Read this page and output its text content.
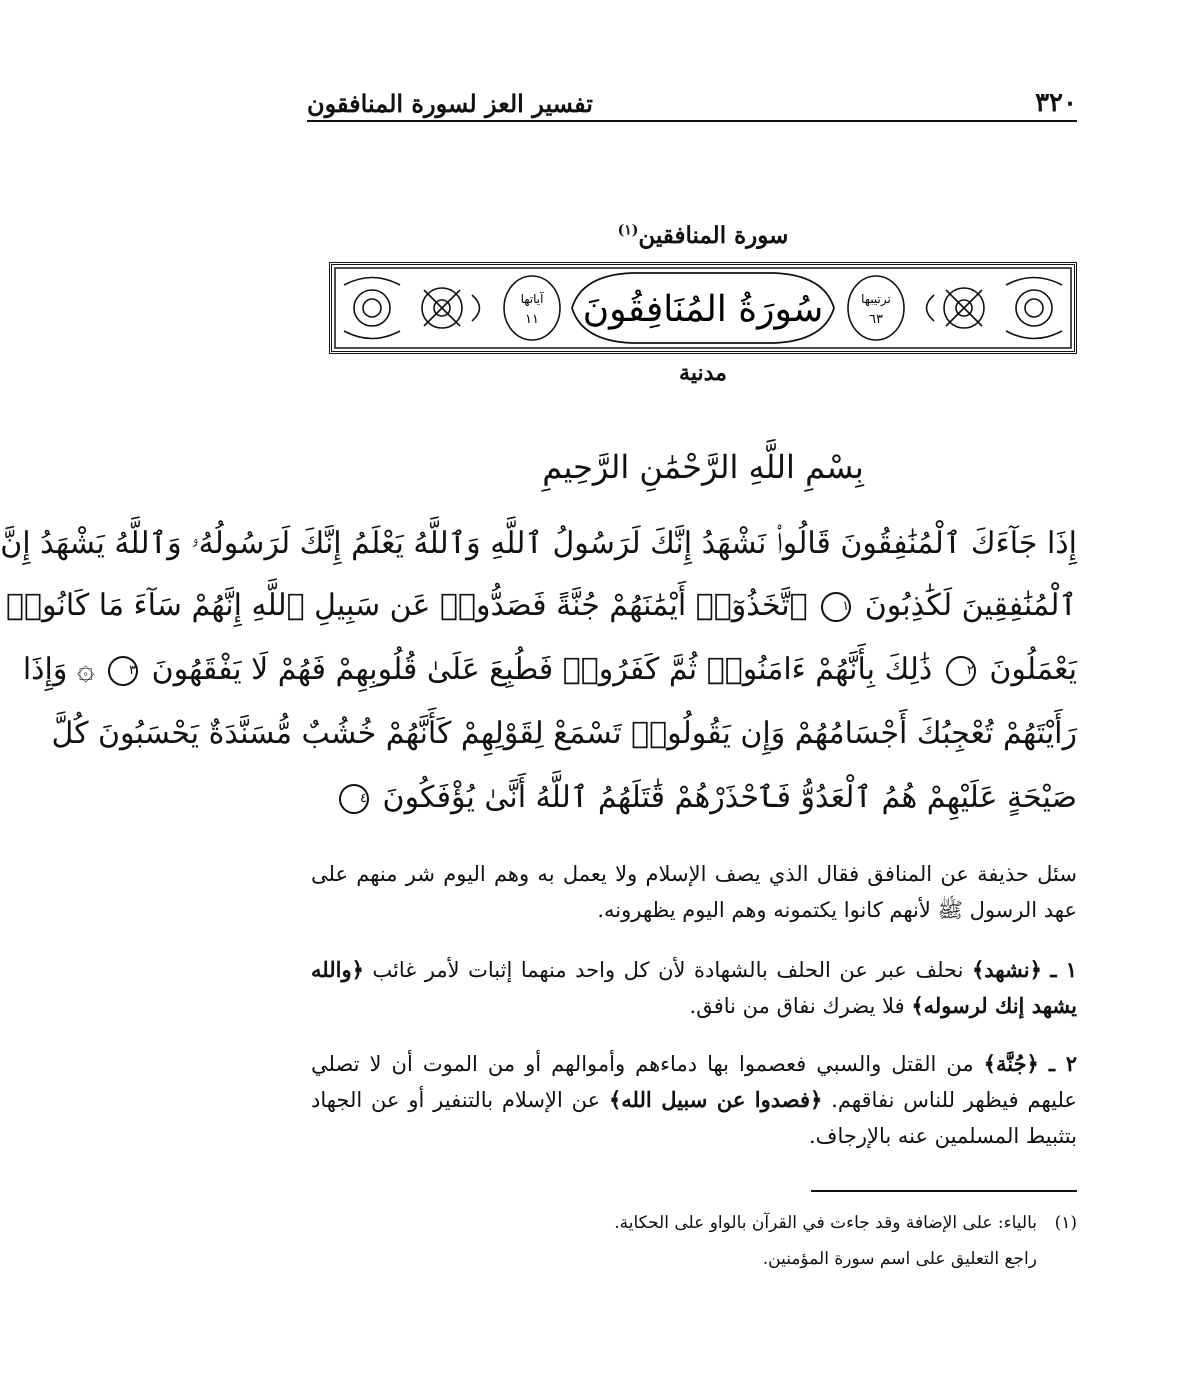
٣٢٠
تفسير العز لسورة المنافقون
سورة المنافقين$^{(١)}$
آياتها
١١
ترتيبها
٦٣
سُورَةُ المُنَافِقُونَ
مدنية
بِسْمِ اللَّهِ الرَّحْمَٰنِ الرَّحِيمِ
إِذَا جَآءَكَ ٱلْمُنَٰفِقُونَ قَالُوا۟ نَشْهَدُ إِنَّكَ لَرَسُولُ ٱللَّهِ وَٱللَّهُ يَعْلَمُ إِنَّكَ لَرَسُولُهُۥ وَٱللَّهُ يَشْهَدُ إِنَّ
ٱلْمُنَٰفِقِينَ لَكَٰذِبُونَ ١ ٱتَّخَذُوٓا۟ أَيْمَٰنَهُمْ جُنَّةً فَصَدُّوا۟ عَن سَبِيلِ ٱللَّهِ إِنَّهُمْ سَآءَ مَا كَانُوا۟
يَعْمَلُونَ ٢ ذَٰلِكَ بِأَنَّهُمْ ءَامَنُوا۟ ثُمَّ كَفَرُوا۟ فَطُبِعَ عَلَىٰ قُلُوبِهِمْ فَهُمْ لَا يَفْقَهُونَ ٣ ۞ وَإِذَا
رَأَيْتَهُمْ تُعْجِبُكَ أَجْسَامُهُمْ وَإِن يَقُولُوا۟ تَسْمَعْ لِقَوْلِهِمْ كَأَنَّهُمْ خُشُبٌ مُّسَنَّدَةٌ يَحْسَبُونَ كُلَّ
صَيْحَةٍ عَلَيْهِمْ هُمُ ٱلْعَدُوُّ فَٱحْذَرْهُمْ قَٰتَلَهُمُ ٱللَّهُ أَنَّىٰ يُؤْفَكُونَ ٤

سئل حذيفة عن المنافق فقال الذي يصف الإسلام ولا يعمل به وهم اليوم شر منهم على عهد الرسول ﷺ لأنهم كانوا يكتمونه وهم اليوم يظهرونه.

١ ـ ﴿نشهد﴾ نحلف عبر عن الحلف بالشهادة لأن كل واحد منهما إثبات لأمر غائب ﴿والله يشهد إنك لرسوله﴾ فلا يضرك نفاق من نافق.

٢ ـ ﴿جُنَّة﴾ من القتل والسبي فعصموا بها دماءهم وأموالهم أو من الموت أن لا تصلي عليهم فيظهر للناس نفاقهم. ﴿فصدوا عن سبيل الله﴾ عن الإسلام بالتنفير أو عن الجهاد بتثبيط المسلمين عنه بالإرجاف.

(١)بالياء: على الإضافة وقد جاءت في القرآن بالواو على الحكاية.
راجع التعليق على اسم سورة المؤمنين.
